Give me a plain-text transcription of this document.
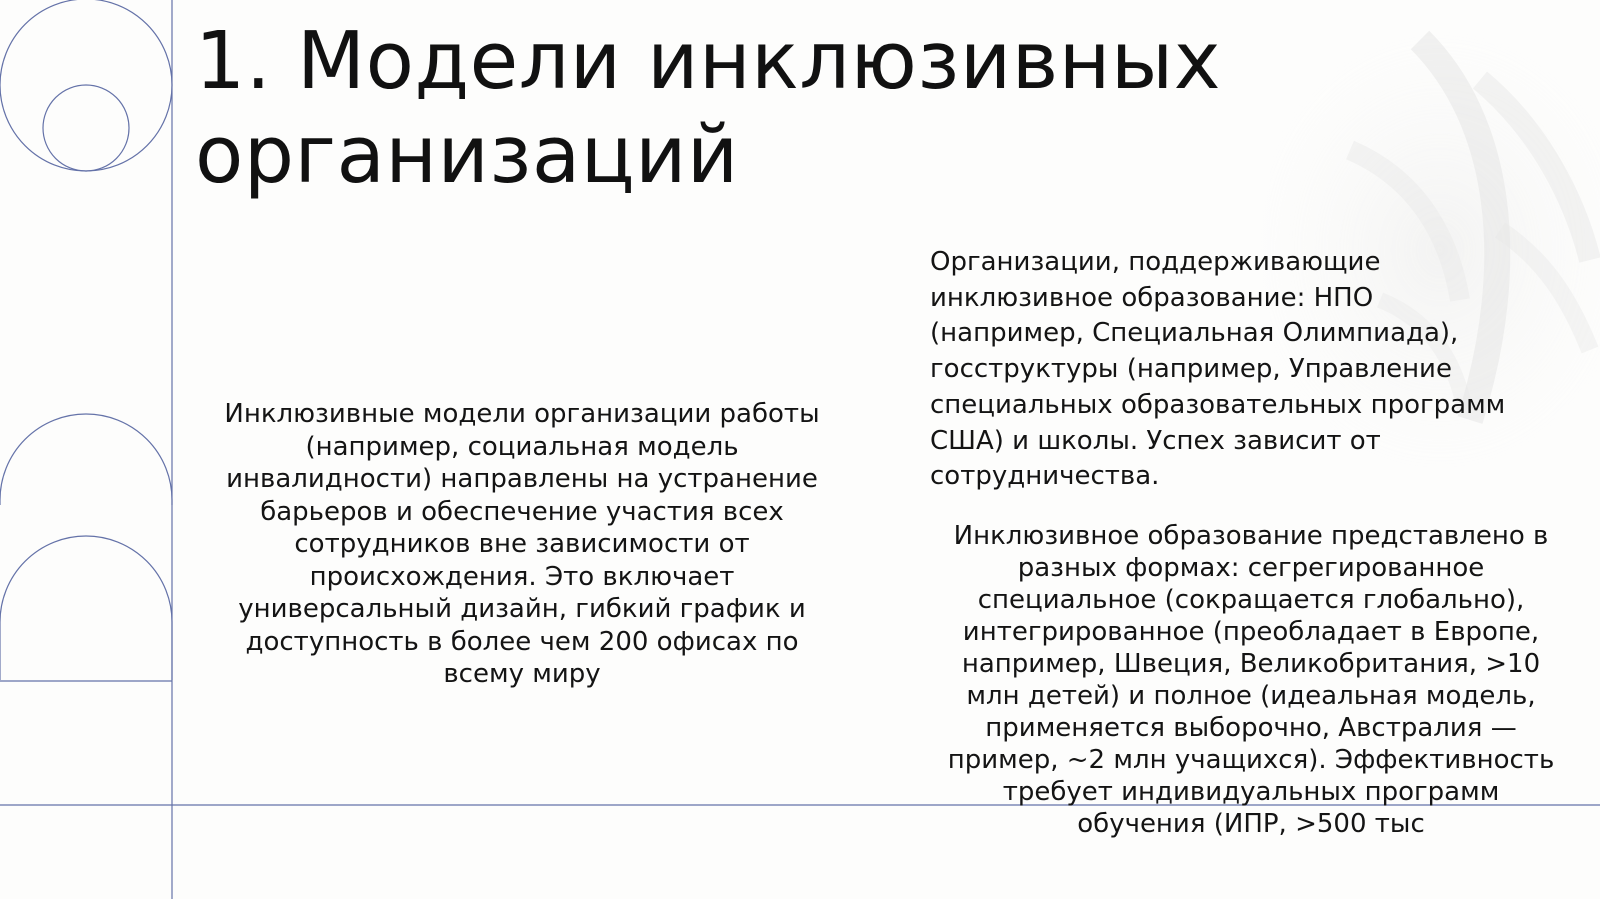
1. Модели инклюзивных
организаций
Инклюзивные модели организации работы
(например, социальная модель
инвалидности) направлены на устранение
барьеров и обеспечение участия всех
сотрудников вне зависимости от
происхождения. Это включает
универсальный дизайн, гибкий график и
доступность в более чем 200 офисах по
всему миру
Организации, поддерживающие
инклюзивное образование: НПО
(например, Специальная Олимпиада),
госструктуры (например, Управление
специальных образовательных программ
США) и школы. Успех зависит от
сотрудничества.
Инклюзивное образование представлено в
разных формах: сегрегированное
специальное (сокращается глобально),
интегрированное (преобладает в Европе,
например, Швеция, Великобритания, >10
млн детей) и полное (идеальная модель,
применяется выборочно, Австралия —
пример, ~2 млн учащихся). Эффективность
требует индивидуальных программ
обучения (ИПР, >500 тыс
